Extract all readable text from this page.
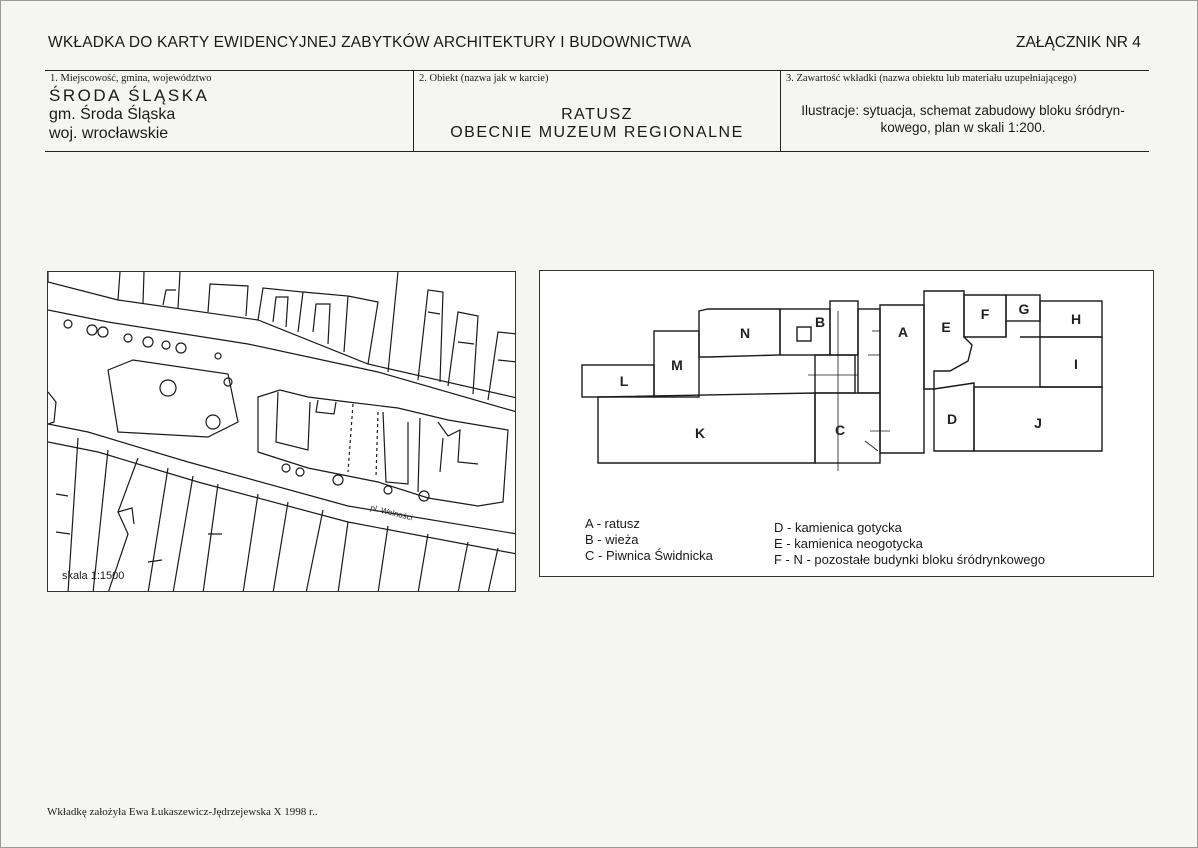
WKŁADKA DO KARTY EWIDENCYJNEJ ZABYTKÓW ARCHITEKTURY I BUDOWNICTWA	ZAŁĄCZNIK NR 4
1. Miejscowość, gmina, województwo
ŚRODA ŚLĄSKA
gm. Środa Śląska
woj. wrocławskie
2. Obiekt (nazwa jak w karcie)
RATUSZ
OBECNIE MUZEUM REGIONALNE
3. Zawartość wkładki (nazwa obiektu lub materiału uzupełniającego)
Ilustracje: sytuacja, schemat zabudowy bloku śródryn-kowego, plan w skali 1:200.
pl. Wolności
skala 1:1500
A
B
C
D
E
F G
H
I
J
K
L
M
N
A - ratusz
B - wieża
C - Piwnica Świdnicka
D - kamienica gotycka
E - kamienica neogotycka
F - N - pozostałe budynki bloku śródrynkowego
Wkładkę założyła Ewa Łukaszewicz-Jędrzejewska X 1998 r..
